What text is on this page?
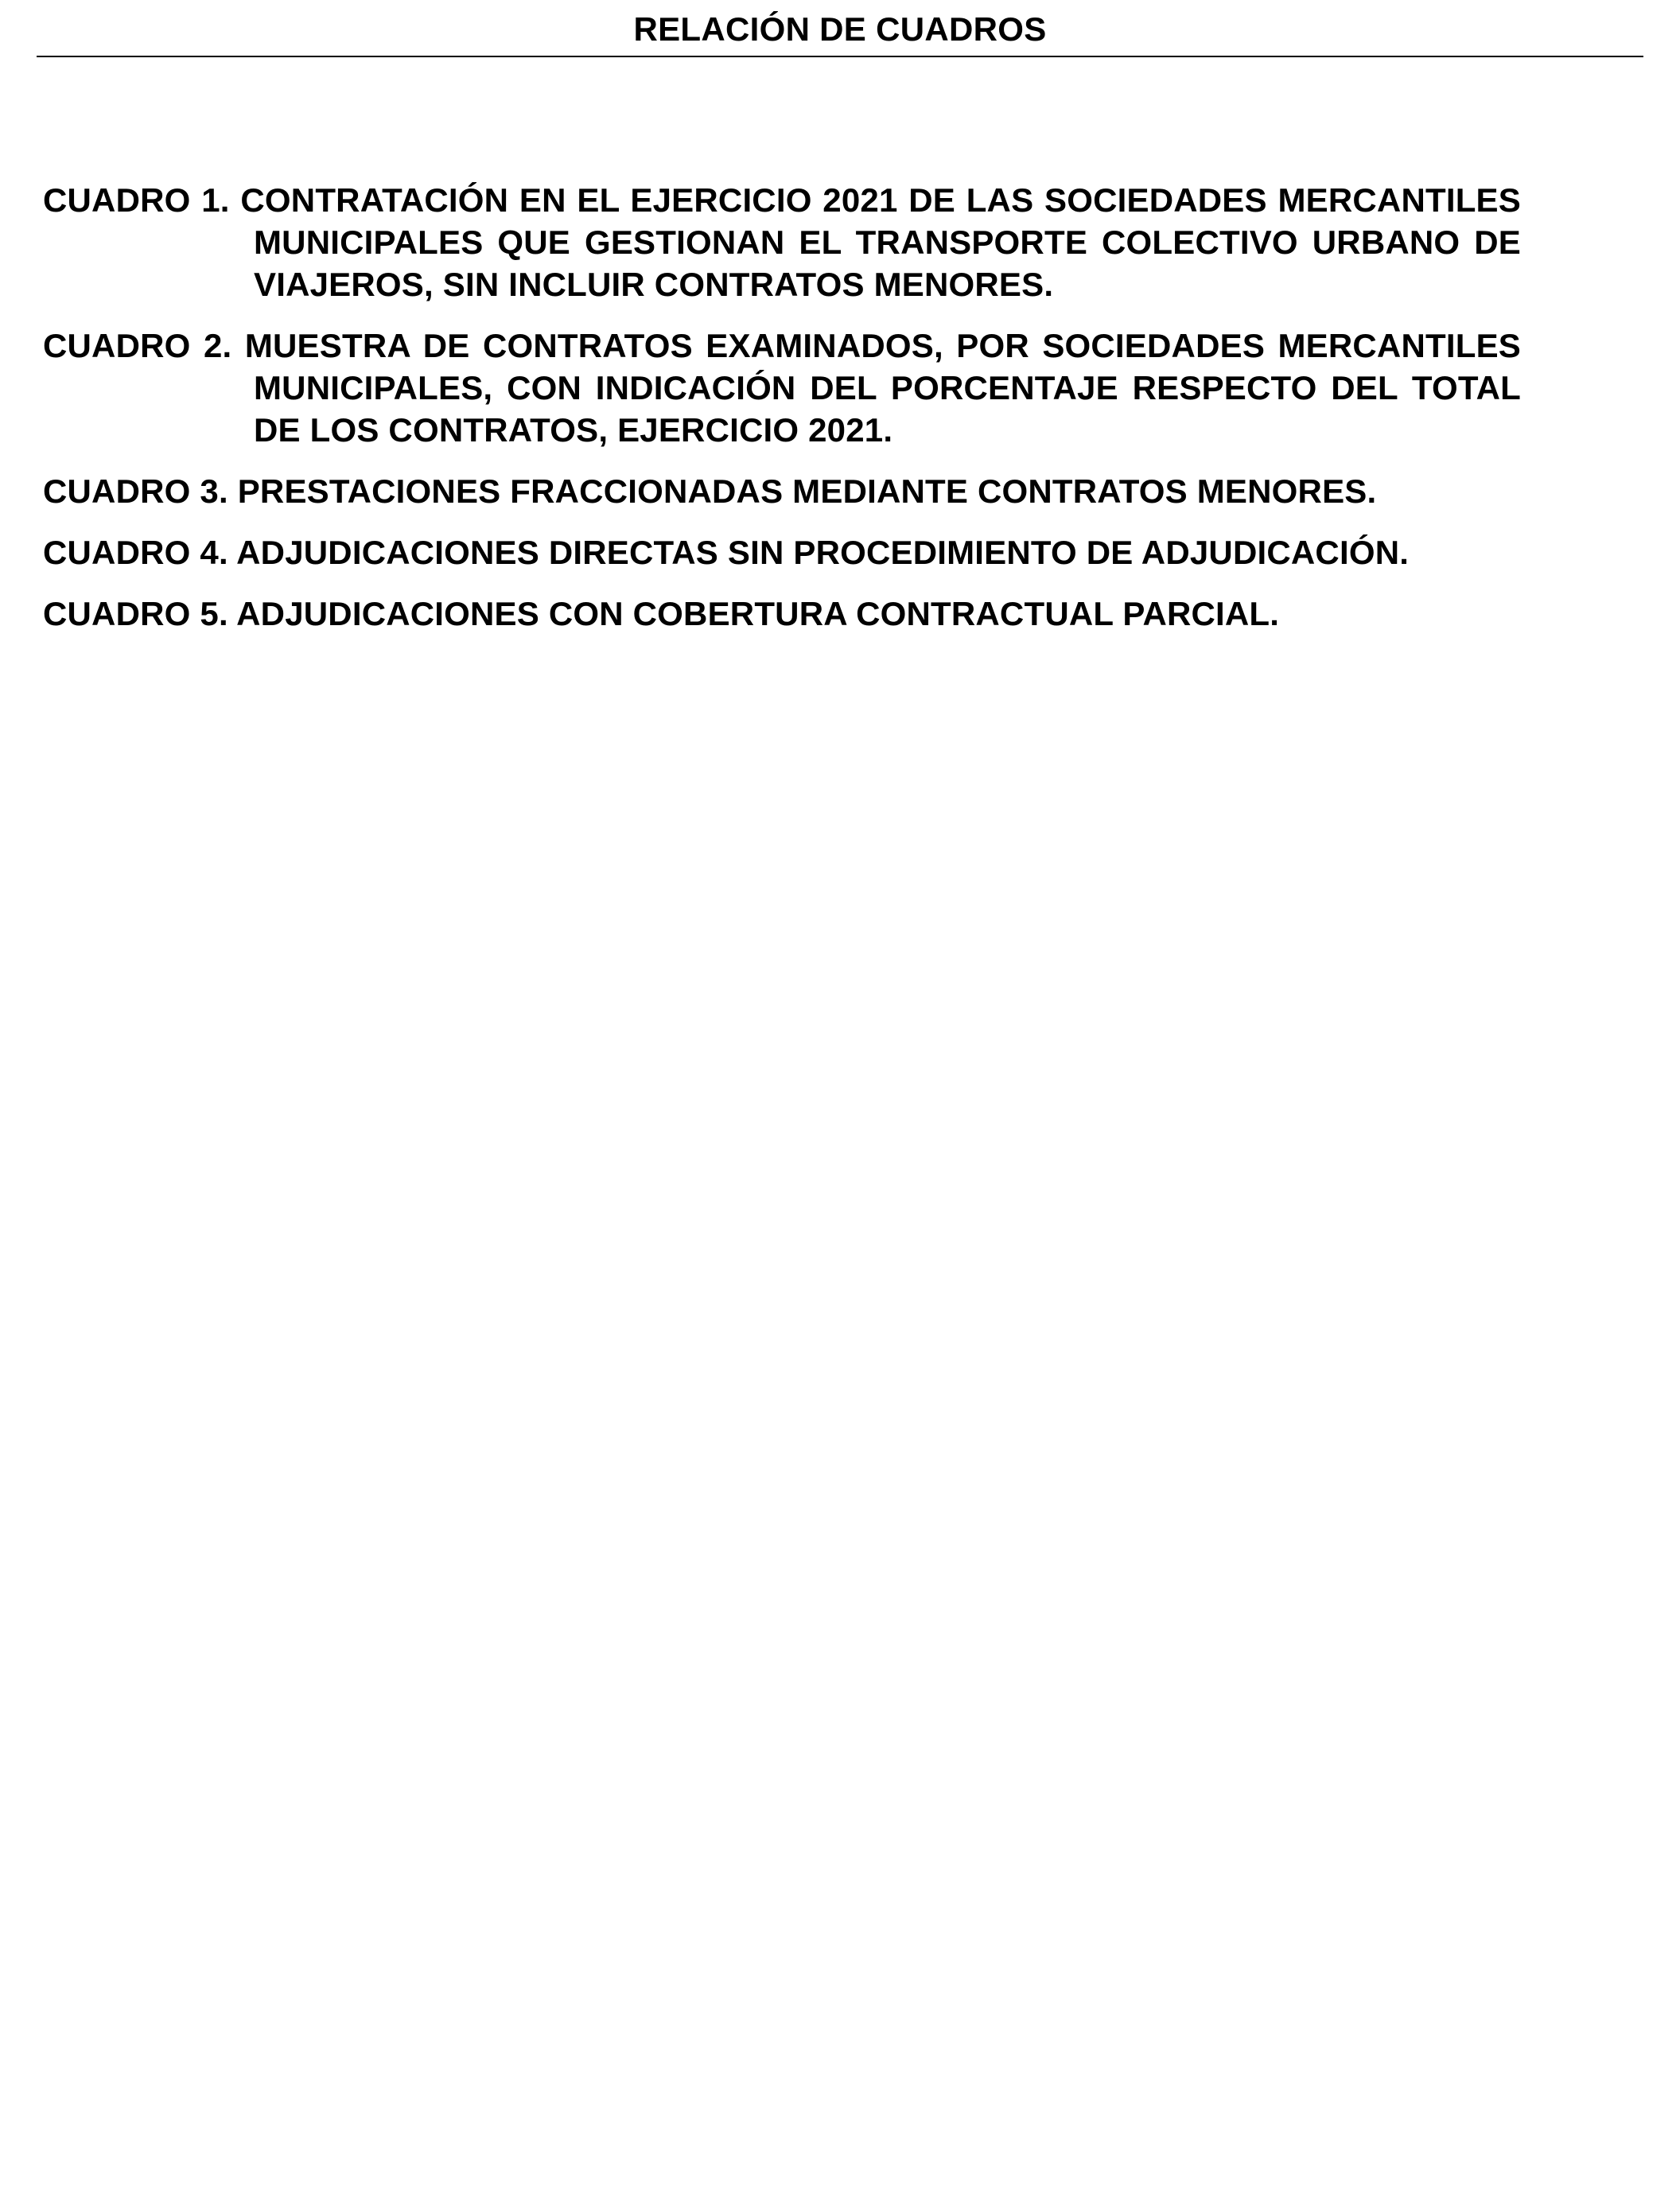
RELACIÓN DE CUADROS
CUADRO 1. CONTRATACIÓN EN EL EJERCICIO 2021 DE LAS SOCIEDADES MERCANTILES MUNICIPALES QUE GESTIONAN EL TRANSPORTE COLECTIVO URBANO DE VIAJEROS, SIN INCLUIR CONTRATOS MENORES.
CUADRO 2. MUESTRA DE CONTRATOS EXAMINADOS, POR SOCIEDADES MERCANTILES MUNICIPALES, CON INDICACIÓN DEL PORCENTAJE RESPECTO DEL TOTAL DE LOS CONTRATOS, EJERCICIO 2021.
CUADRO 3. PRESTACIONES FRACCIONADAS MEDIANTE CONTRATOS MENORES.
CUADRO 4. ADJUDICACIONES DIRECTAS SIN PROCEDIMIENTO DE ADJUDICACIÓN.
CUADRO 5. ADJUDICACIONES CON COBERTURA CONTRACTUAL PARCIAL.
